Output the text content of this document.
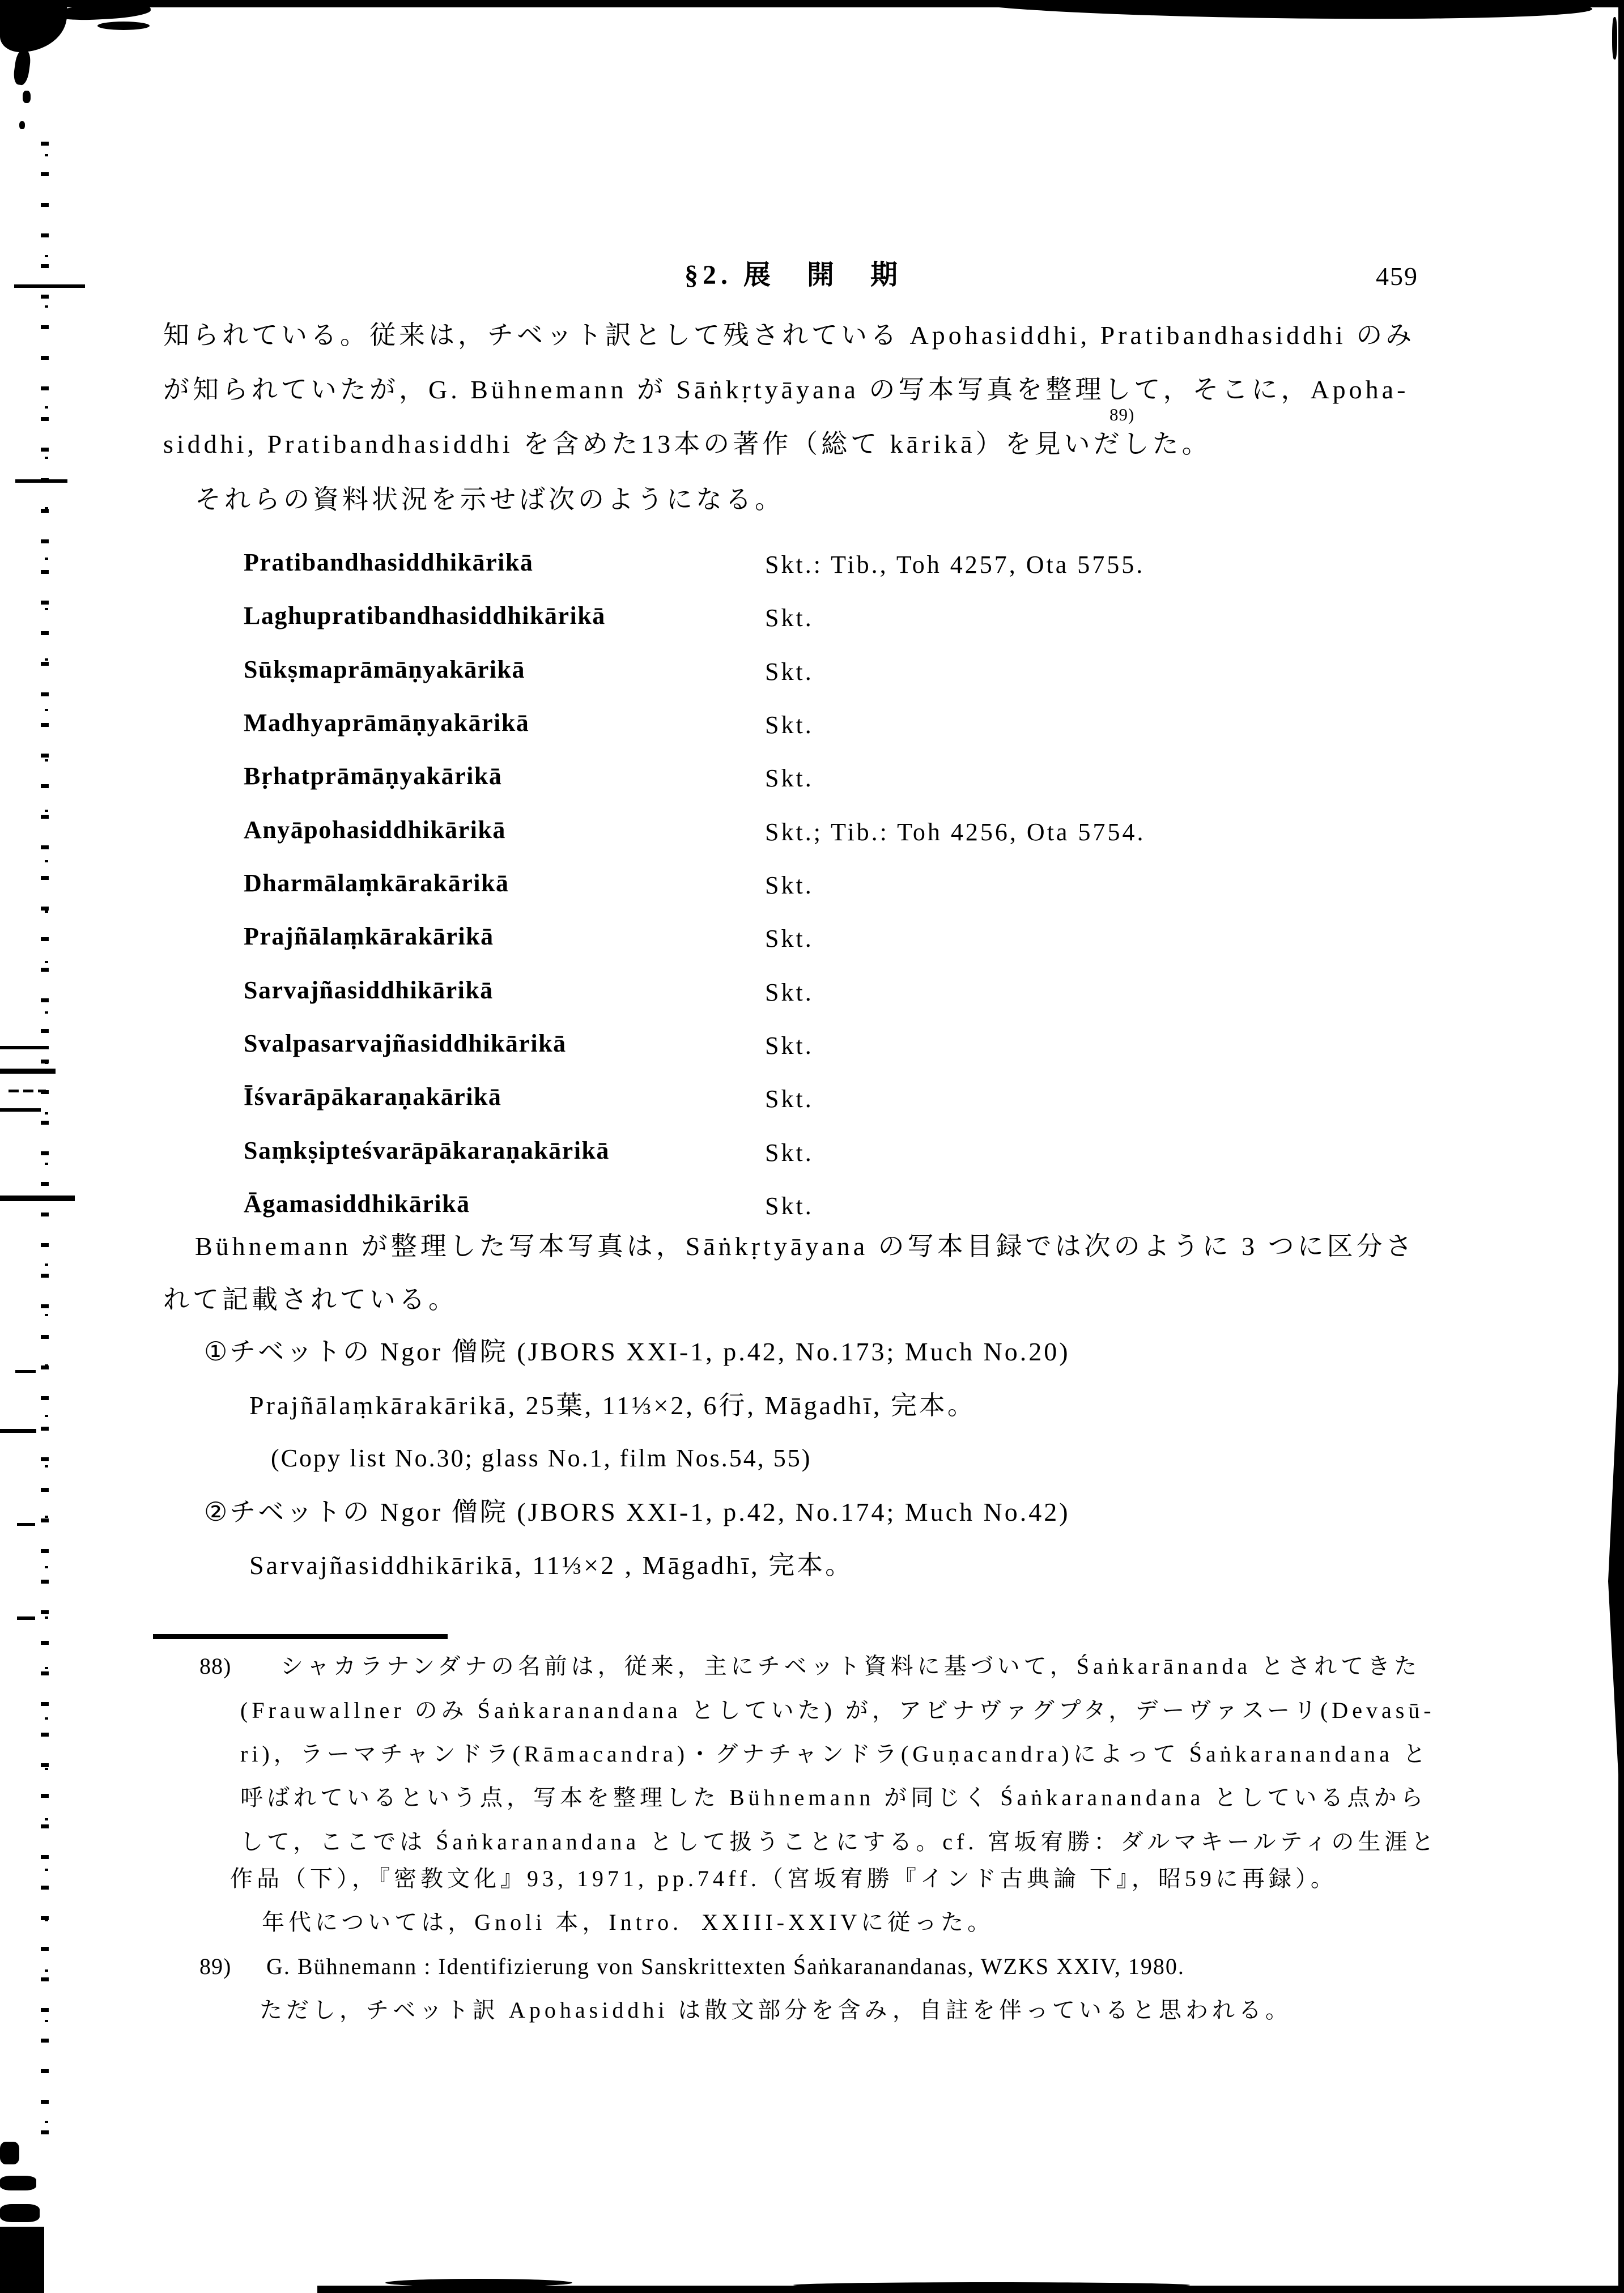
§2. 展　開　期	459
知られている。従来は，チベット訳として残されている Apohasiddhi, Pratibandhasiddhi のみ
が知られていたが，G. Bühnemann が Sāṅkṛtyāyana の写本写真を整理して，そこに，Apoha-
89)
siddhi, Pratibandhasiddhi を含めた13本の著作（総て kārikā）を見いだした。
それらの資料状況を示せば次のようになる。
Pratibandhasiddhikārikā	Skt.: Tib., Toh 4257, Ota 5755.
Laghupratibandhasiddhikārikā	Skt.
Sūkṣmaprāmāṇyakārikā	Skt.
Madhyaprāmāṇyakārikā	Skt.
Bṛhatprāmāṇyakārikā	Skt.
Anyāpohasiddhikārikā	Skt.; Tib.: Toh 4256, Ota 5754.
Dharmālaṃkārakārikā	Skt.
Prajñālaṃkārakārikā	Skt.
Sarvajñasiddhikārikā	Skt.
Svalpasarvajñasiddhikārikā	Skt.
Īśvarāpākaraṇakārikā	Skt.
Saṃkṣipteśvarāpākaraṇakārikā	Skt.
Āgamasiddhikārikā	Skt.
Bühnemann が整理した写本写真は，Sāṅkṛtyāyana の写本目録では次のように 3 つに区分さ
れて記載されている。
①チベットの Ngor 僧院 (JBORS XXI-1, p.42, No.173; Much No.20)
Prajñālaṃkārakārikā, 25葉, 11⅓×2, 6行, Māgadhī, 完本。
(Copy list No.30; glass No.1, film Nos.54, 55)
②チベットの Ngor 僧院 (JBORS XXI-1, p.42, No.174; Much No.42)
Sarvajñasiddhikārikā, 11⅓×2 , Māgadhī, 完本。
88) シャカラナンダナの名前は，従来，主にチベット資料に基づいて，Śaṅkarānanda とされてきた
(Frauwallner のみ Śaṅkaranandana としていた) が，アビナヴァグプタ，デーヴァスーリ(Devasū-
ri)，ラーマチャンドラ(Rāmacandra)・グナチャンドラ(Guṇacandra)によって Śaṅkaranandana と
呼ばれているという点，写本を整理した Bühnemann が同じく Śaṅkaranandana としている点から
して，ここでは Śaṅkaranandana として扱うことにする。cf. 宮坂宥勝：ダルマキールティの生涯と
作品（下），『密教文化』93, 1971, pp.74ff.（宮坂宥勝『インド古典論 下』，昭59に再録）。
年代については，Gnoli 本，Intro.  XXIII-XXIVに従った。
89) G. Bühnemann : Identifizierung von Sanskrittexten Śaṅkaranandanas, WZKS XXIV, 1980.
ただし，チベット訳 Apohasiddhi は散文部分を含み，自註を伴っていると思われる。
